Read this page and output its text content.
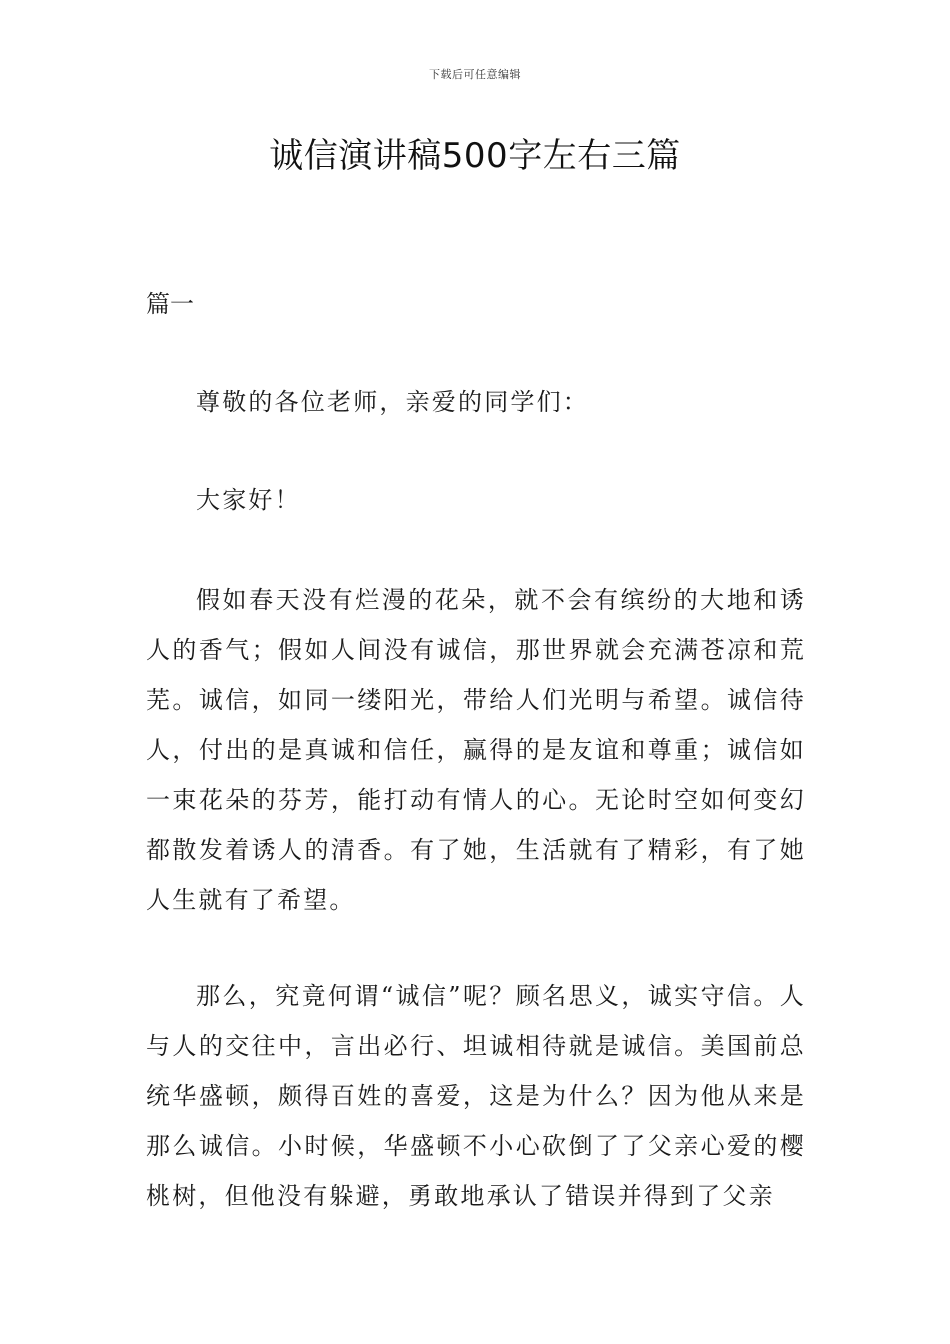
下载后可任意编辑
诚信演讲稿500字左右三篇

篇一

尊敬的各位老师，亲爱的同学们：

大家好！

假如春天没有烂漫的花朵，就不会有缤纷的大地和诱人的香气；假如人间没有诚信，那世界就会充满苍凉和荒芜。诚信，如同一缕阳光，带给人们光明与希望。诚信待人，付出的是真诚和信任，赢得的是友谊和尊重；诚信如一束花朵的芬芳，能打动有情人的心。无论时空如何变幻都散发着诱人的清香。有了她，生活就有了精彩，有了她人生就有了希望。

那么，究竟何谓“诚信”呢？顾名思义，诚实守信。人与人的交往中，言出必行、坦诚相待就是诚信。美国前总统华盛顿，颇得百姓的喜爱，这是为什么？因为他从来是那么诚信。小时候，华盛顿不小心砍倒了了父亲心爱的樱桃树，但他没有躲避，勇敢地承认了错误并得到了父亲
